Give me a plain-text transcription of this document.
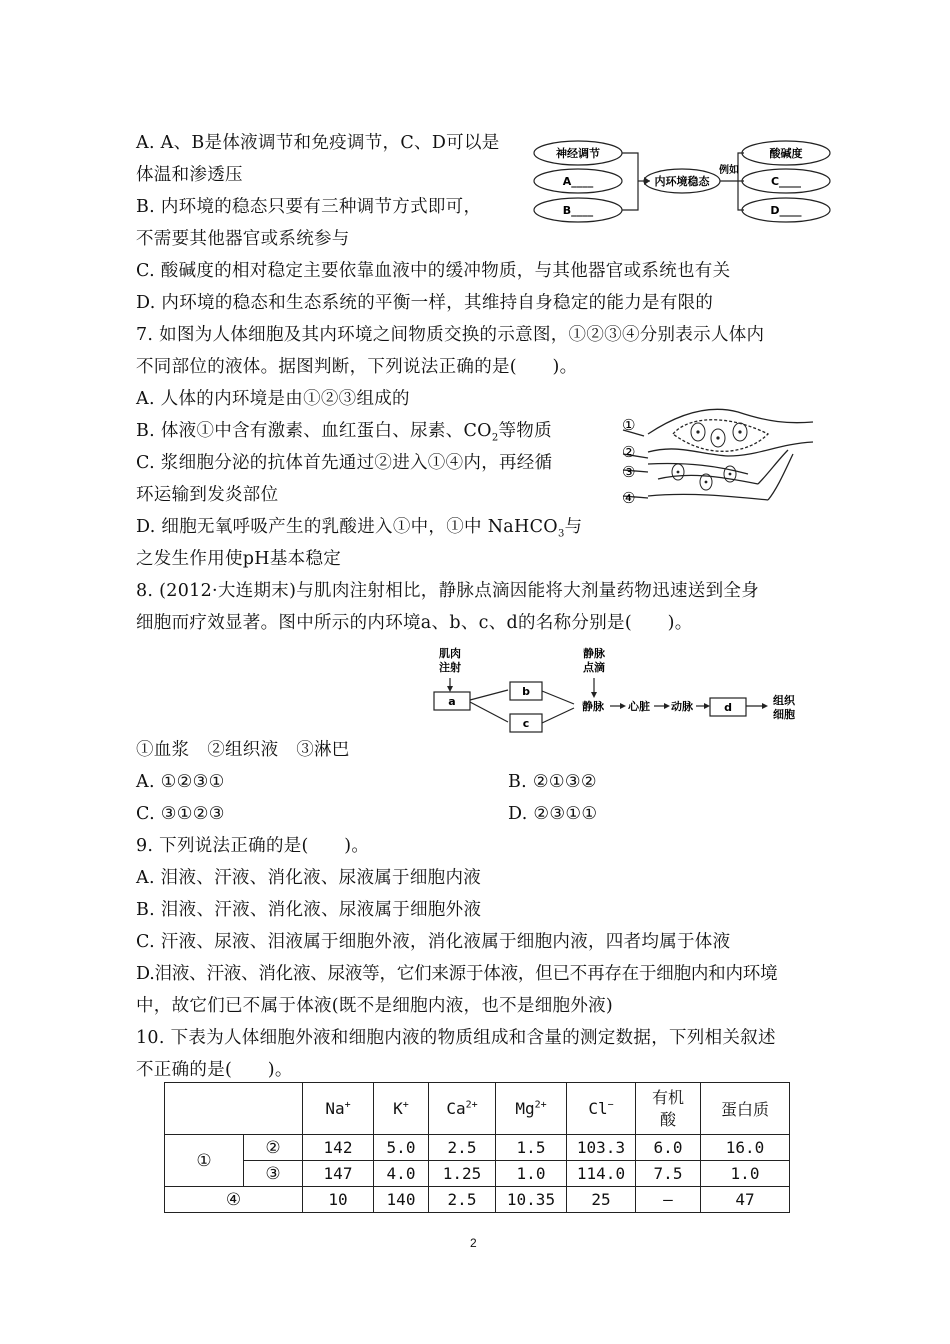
A. A、B是体液调节和免疫调节，C、D可以是
体温和渗透压
B. 内环境的稳态只要有三种调节方式即可，
不需要其他器官或系统参与
C. 酸碱度的相对稳定主要依靠血液中的缓冲物质，与其他器官或系统也有关
D. 内环境的稳态和生态系统的平衡一样，其维持自身稳定的能力是有限的
神经调节
A____
B____
内环境稳态
例如
酸碱度
C____
D____
7. 如图为人体细胞及其内环境之间物质交换的示意图，①②③④分别表示人体内
不同部位的液体。据图判断，下列说法正确的是(　　)。
A. 人体的内环境是由①②③组成的
B. 体液①中含有激素、血红蛋白、尿素、$CO_2$等物质
C. 浆细胞分泌的抗体首先通过②进入①④内，再经循
环运输到发炎部位
D. 细胞无氧呼吸产生的乳酸进入①中，①中 NaHCO$_3$与
之发生作用使pH基本稳定
①
②
③
④
8. (2012·大连期末)与肌肉注射相比，静脉点滴因能将大剂量药物迅速送到全身
细胞而疗效显著。图中所示的内环境a、b、c、d的名称分别是(　　)。
肌肉
注射
静脉
点滴
a
b
c
静脉 心脏 动脉	d
组织
细胞
①血浆　②组织液　③淋巴
A. ①②③①	B. ②①③②
C. ③①②③	D. ②③①①
9. 下列说法正确的是(　　)。
A. 泪液、汗液、消化液、尿液属于细胞内液
B. 泪液、汗液、消化液、尿液属于细胞外液
C. 汗液、尿液、泪液属于细胞外液，消化液属于细胞内液，四者均属于体液
D.泪液、汗液、消化液、尿液等，它们来源于体液，但已不再存在于细胞内和内环境
中，故它们已不属于体液(既不是细胞内液，也不是细胞外液)
10. 下表为人体细胞外液和细胞内液的物质组成和含量的测定数据，下列相关叙述
不正确的是(　　)。
		Na+	K+	$Ca^{2+}$	$Mg^{2+}$	Cl−	有机
酸	蛋白质
①	②	142	5.0	2.5	1.5	103.3	6.0	16.0
	③	147	4.0	1.25	1.0	114.0	7.5	1.0
④		10	140	2.5	10.35	25	—	47
2
